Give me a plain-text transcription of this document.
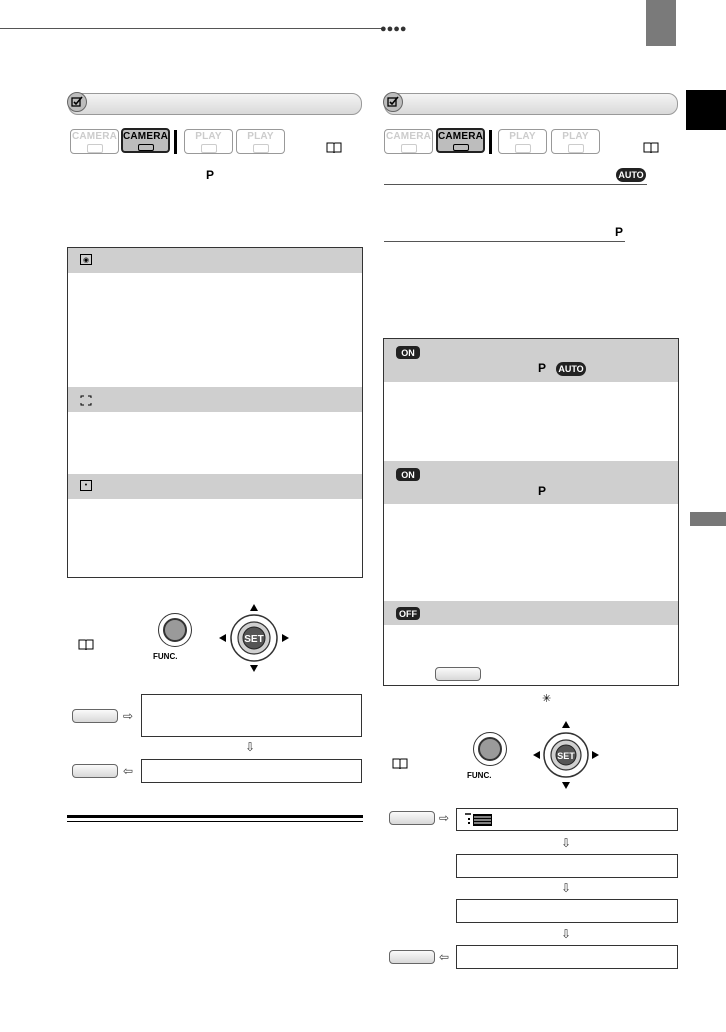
●●●●
CAMERA CAMERA	PLAY	PLAY
P
◉
•
FUNC.
SET
⇨
⇩
⇦
CAMERA CAMERA	PLAY	PLAY
AUTO
P
ON
P AUTO
ON
P
OFF
✳
FUNC.
SET
⇨
⇩
⇩
⇩
⇦
